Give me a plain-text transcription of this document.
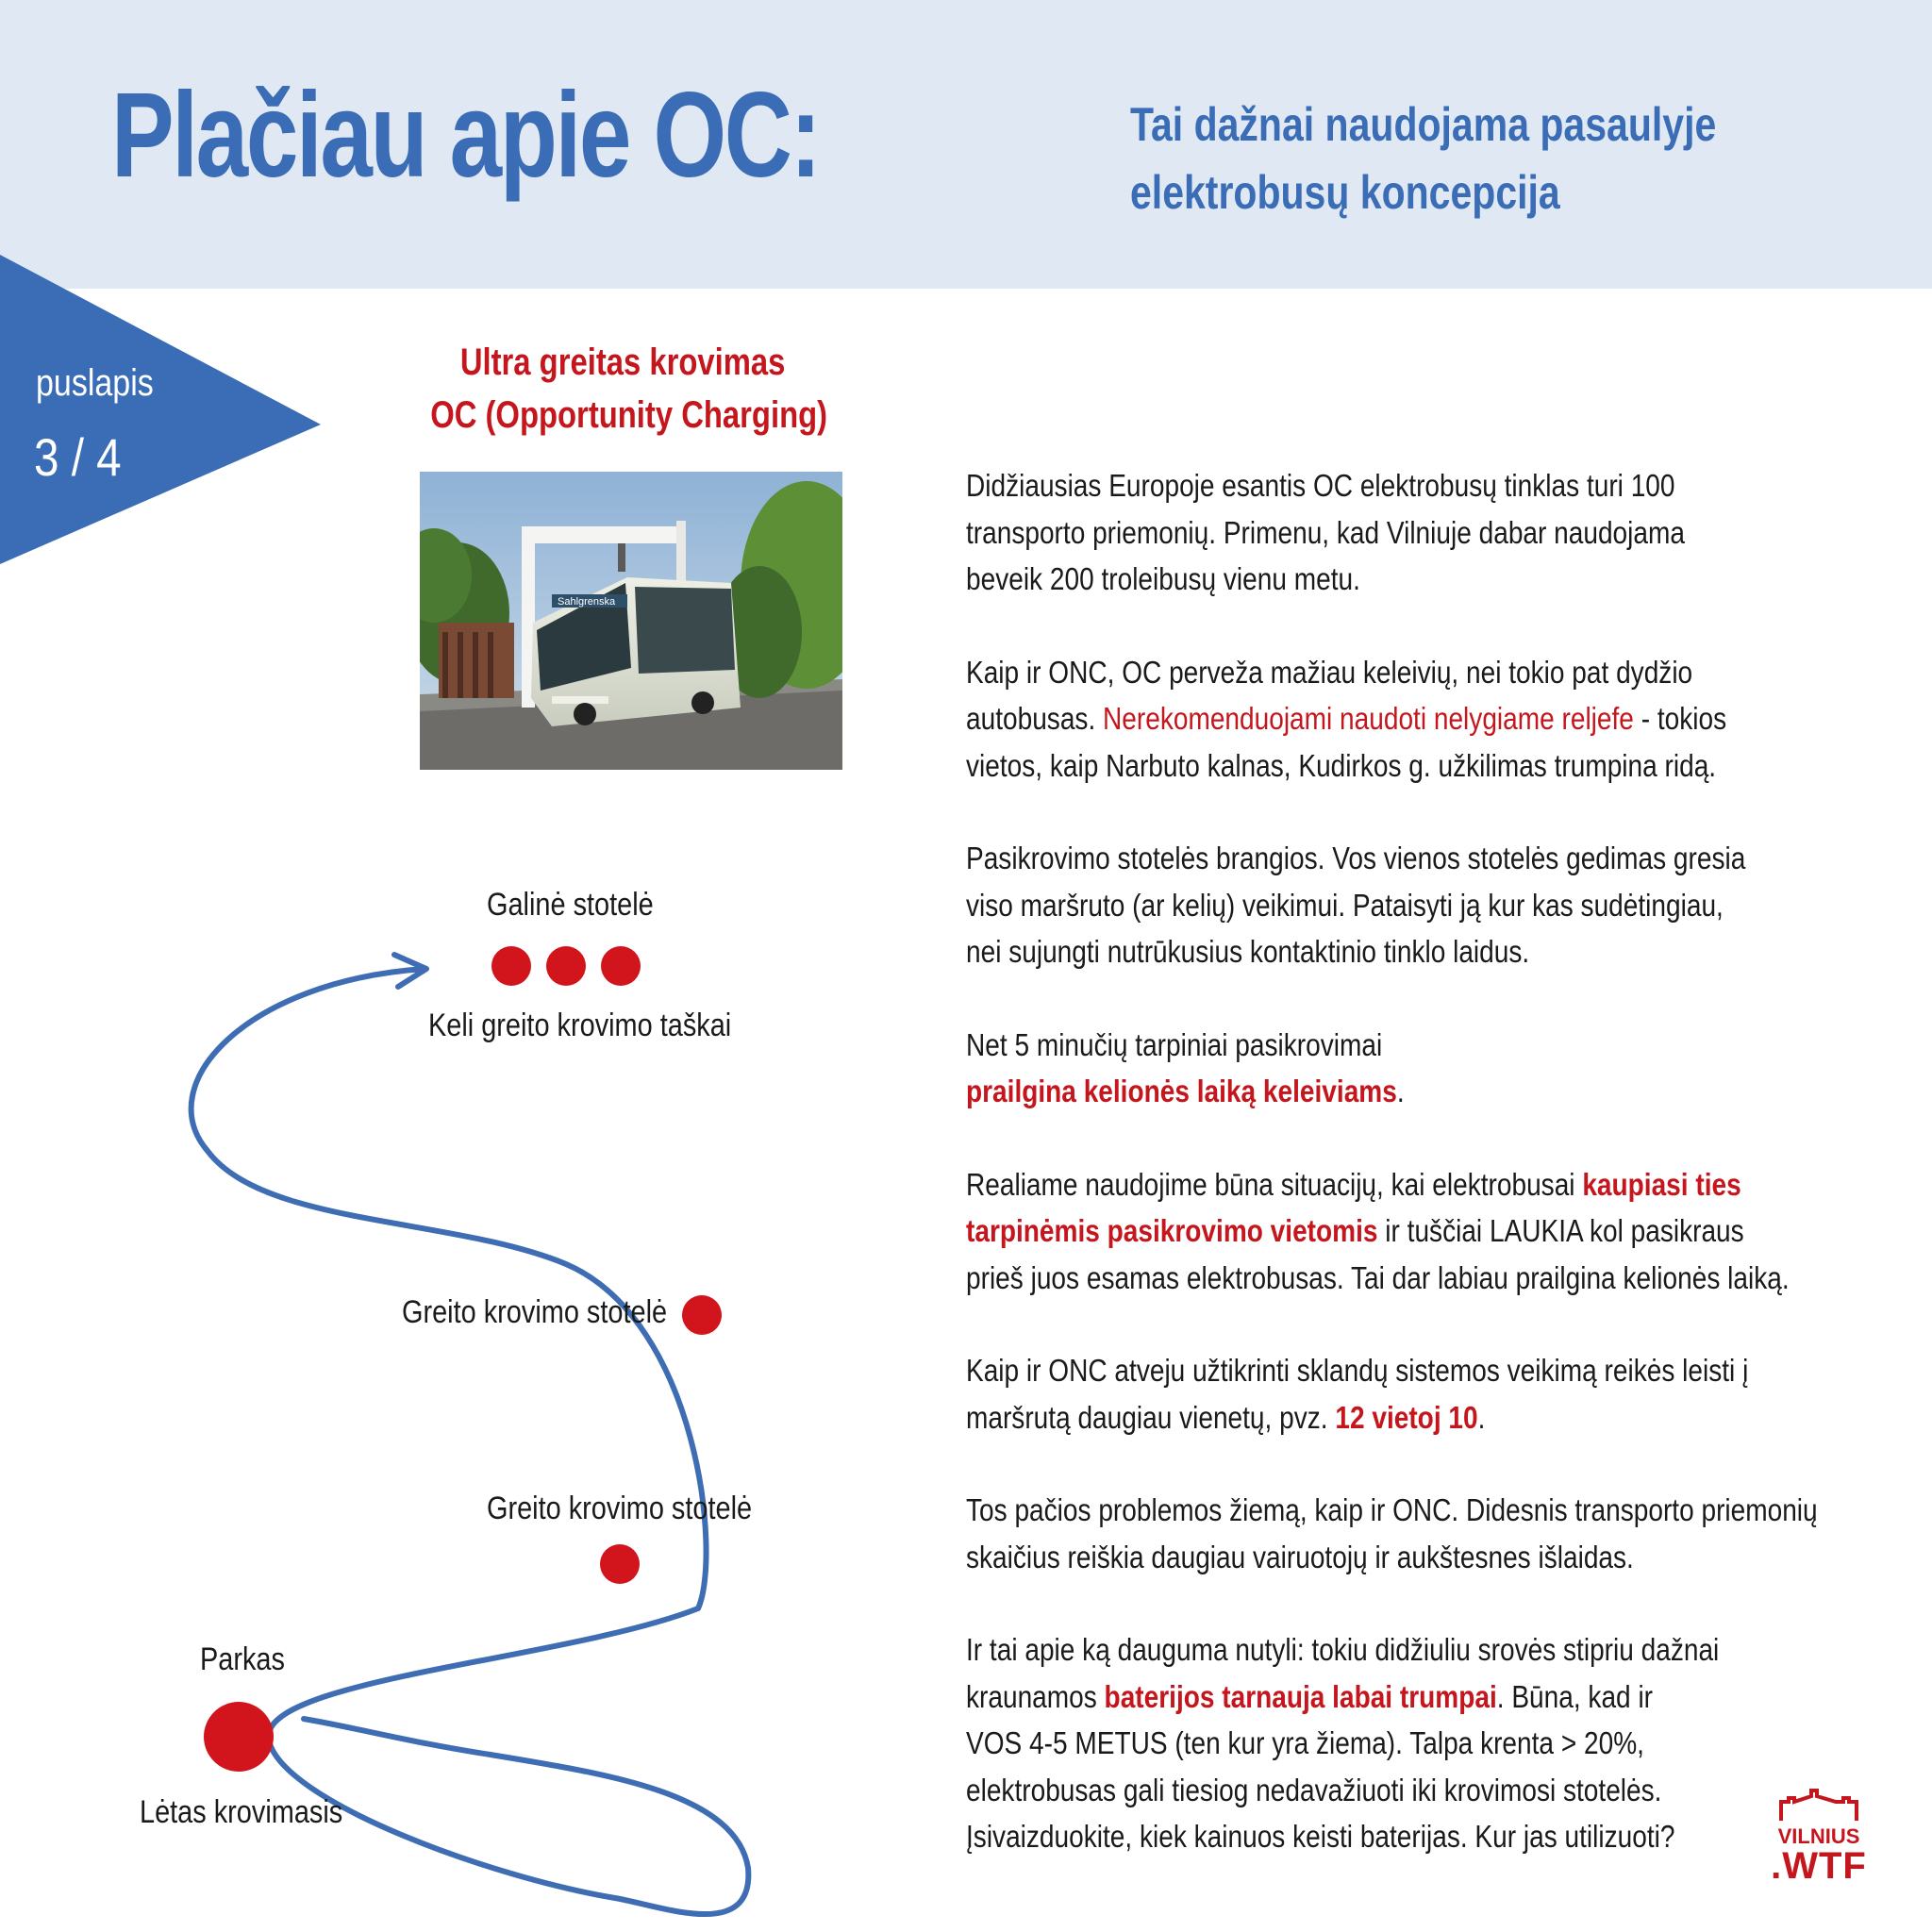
Plačiau apie OC:	Tai dažnai naudojama pasaulyje
elektrobusų koncepcija
puslapis
3 / 4
Ultra greitas krovimas
OC (Opportunity Charging)
Sahlgrenska
Galinė stotelė
Keli greito krovimo taškai
Greito krovimo stotelė
Greito krovimo stotelė
Parkas
Lėtas krovimasis

Didžiausias Europoje esantis OC elektrobusų tinklas turi 100
transporto priemonių. Primenu, kad Vilniuje dabar naudojama
beveik 200 troleibusų vienu metu.

Kaip ir ONC, OC perveža mažiau keleivių, nei tokio pat dydžio
autobusas. Nerekomenduojami naudoti nelygiame reljefe - tokios
vietos, kaip Narbuto kalnas, Kudirkos g. užkilimas trumpina ridą.

Pasikrovimo stotelės brangios. Vos vienos stotelės gedimas gresia
viso maršruto (ar kelių) veikimui. Pataisyti ją kur kas sudėtingiau,
nei sujungti nutrūkusius kontaktinio tinklo laidus.

Net 5 minučių tarpiniai pasikrovimai
prailgina kelionės laiką keleiviams.

Realiame naudojime būna situacijų, kai elektrobusai kaupiasi ties
tarpinėmis pasikrovimo vietomis ir tuščiai LAUKIA kol pasikraus
prieš juos esamas elektrobusas. Tai dar labiau prailgina kelionės laiką.

Kaip ir ONC atveju užtikrinti sklandų sistemos veikimą reikės leisti į
maršrutą daugiau vienetų, pvz. 12 vietoj 10.

Tos pačios problemos žiemą, kaip ir ONC. Didesnis transporto priemonių
skaičius reiškia daugiau vairuotojų ir aukštesnes išlaidas.

Ir tai apie ką dauguma nutyli: tokiu didžiuliu srovės stipriu dažnai
kraunamos baterijos tarnauja labai trumpai. Būna, kad ir
VOS 4-5 METUS (ten kur yra žiema). Talpa krenta > 20%,
elektrobusas gali tiesiog nedavažiuoti iki krovimosi stotelės.
Įsivaizduokite, kiek kainuos keisti baterijas. Kur jas utilizuoti?	VILNIUS
.WTF
